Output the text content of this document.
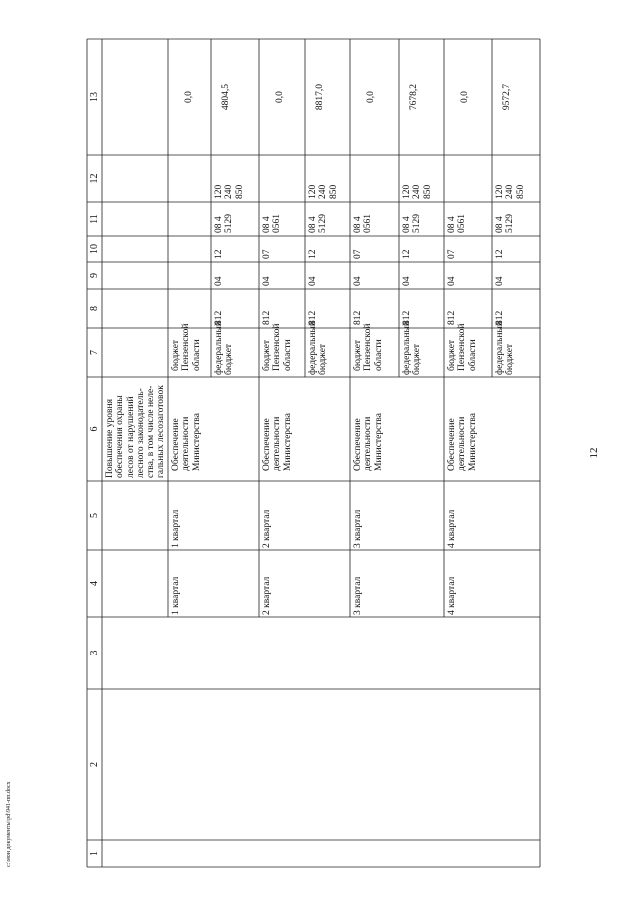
12
c:\мои документы\pd\941-пп.docx	1
2
3
4
5
6
7
8
9
10
11
12
13
Повышение уровня обеспечения охраны лесов от нарушений лесного законодатель-ства, в том числе неле-гальных лесозаготовок
1 квартал
1 квартал
Обеспечение деятельности Министерства
бюджет Пензенской области
0,0
федеральный бюджет
812
04
12
08 4 5129
120 240 850
4804,5
2 квартал
2 квартал
Обеспечение деятельности Министерства
бюджет Пензенской области
812
04
07
08 4 0561
0,0
федеральный бюджет
812
04
12
08 4 5129
120 240 850
8817,0
3 квартал
3 квартал
Обеспечение деятельности Министерства
бюджет Пензенской области
812
04
07
08 4 0561
0,0
федеральный бюджет
812
04
12
08 4 5129
120 240 850
7678,2
4 квартал
4 квартал
Обеспечение деятельности Министерства
бюджет Пензенской области
812
04
07
08 4 0561
0,0
федеральный бюджет
812
04
12
08 4 5129
120 240 850
9572,7
